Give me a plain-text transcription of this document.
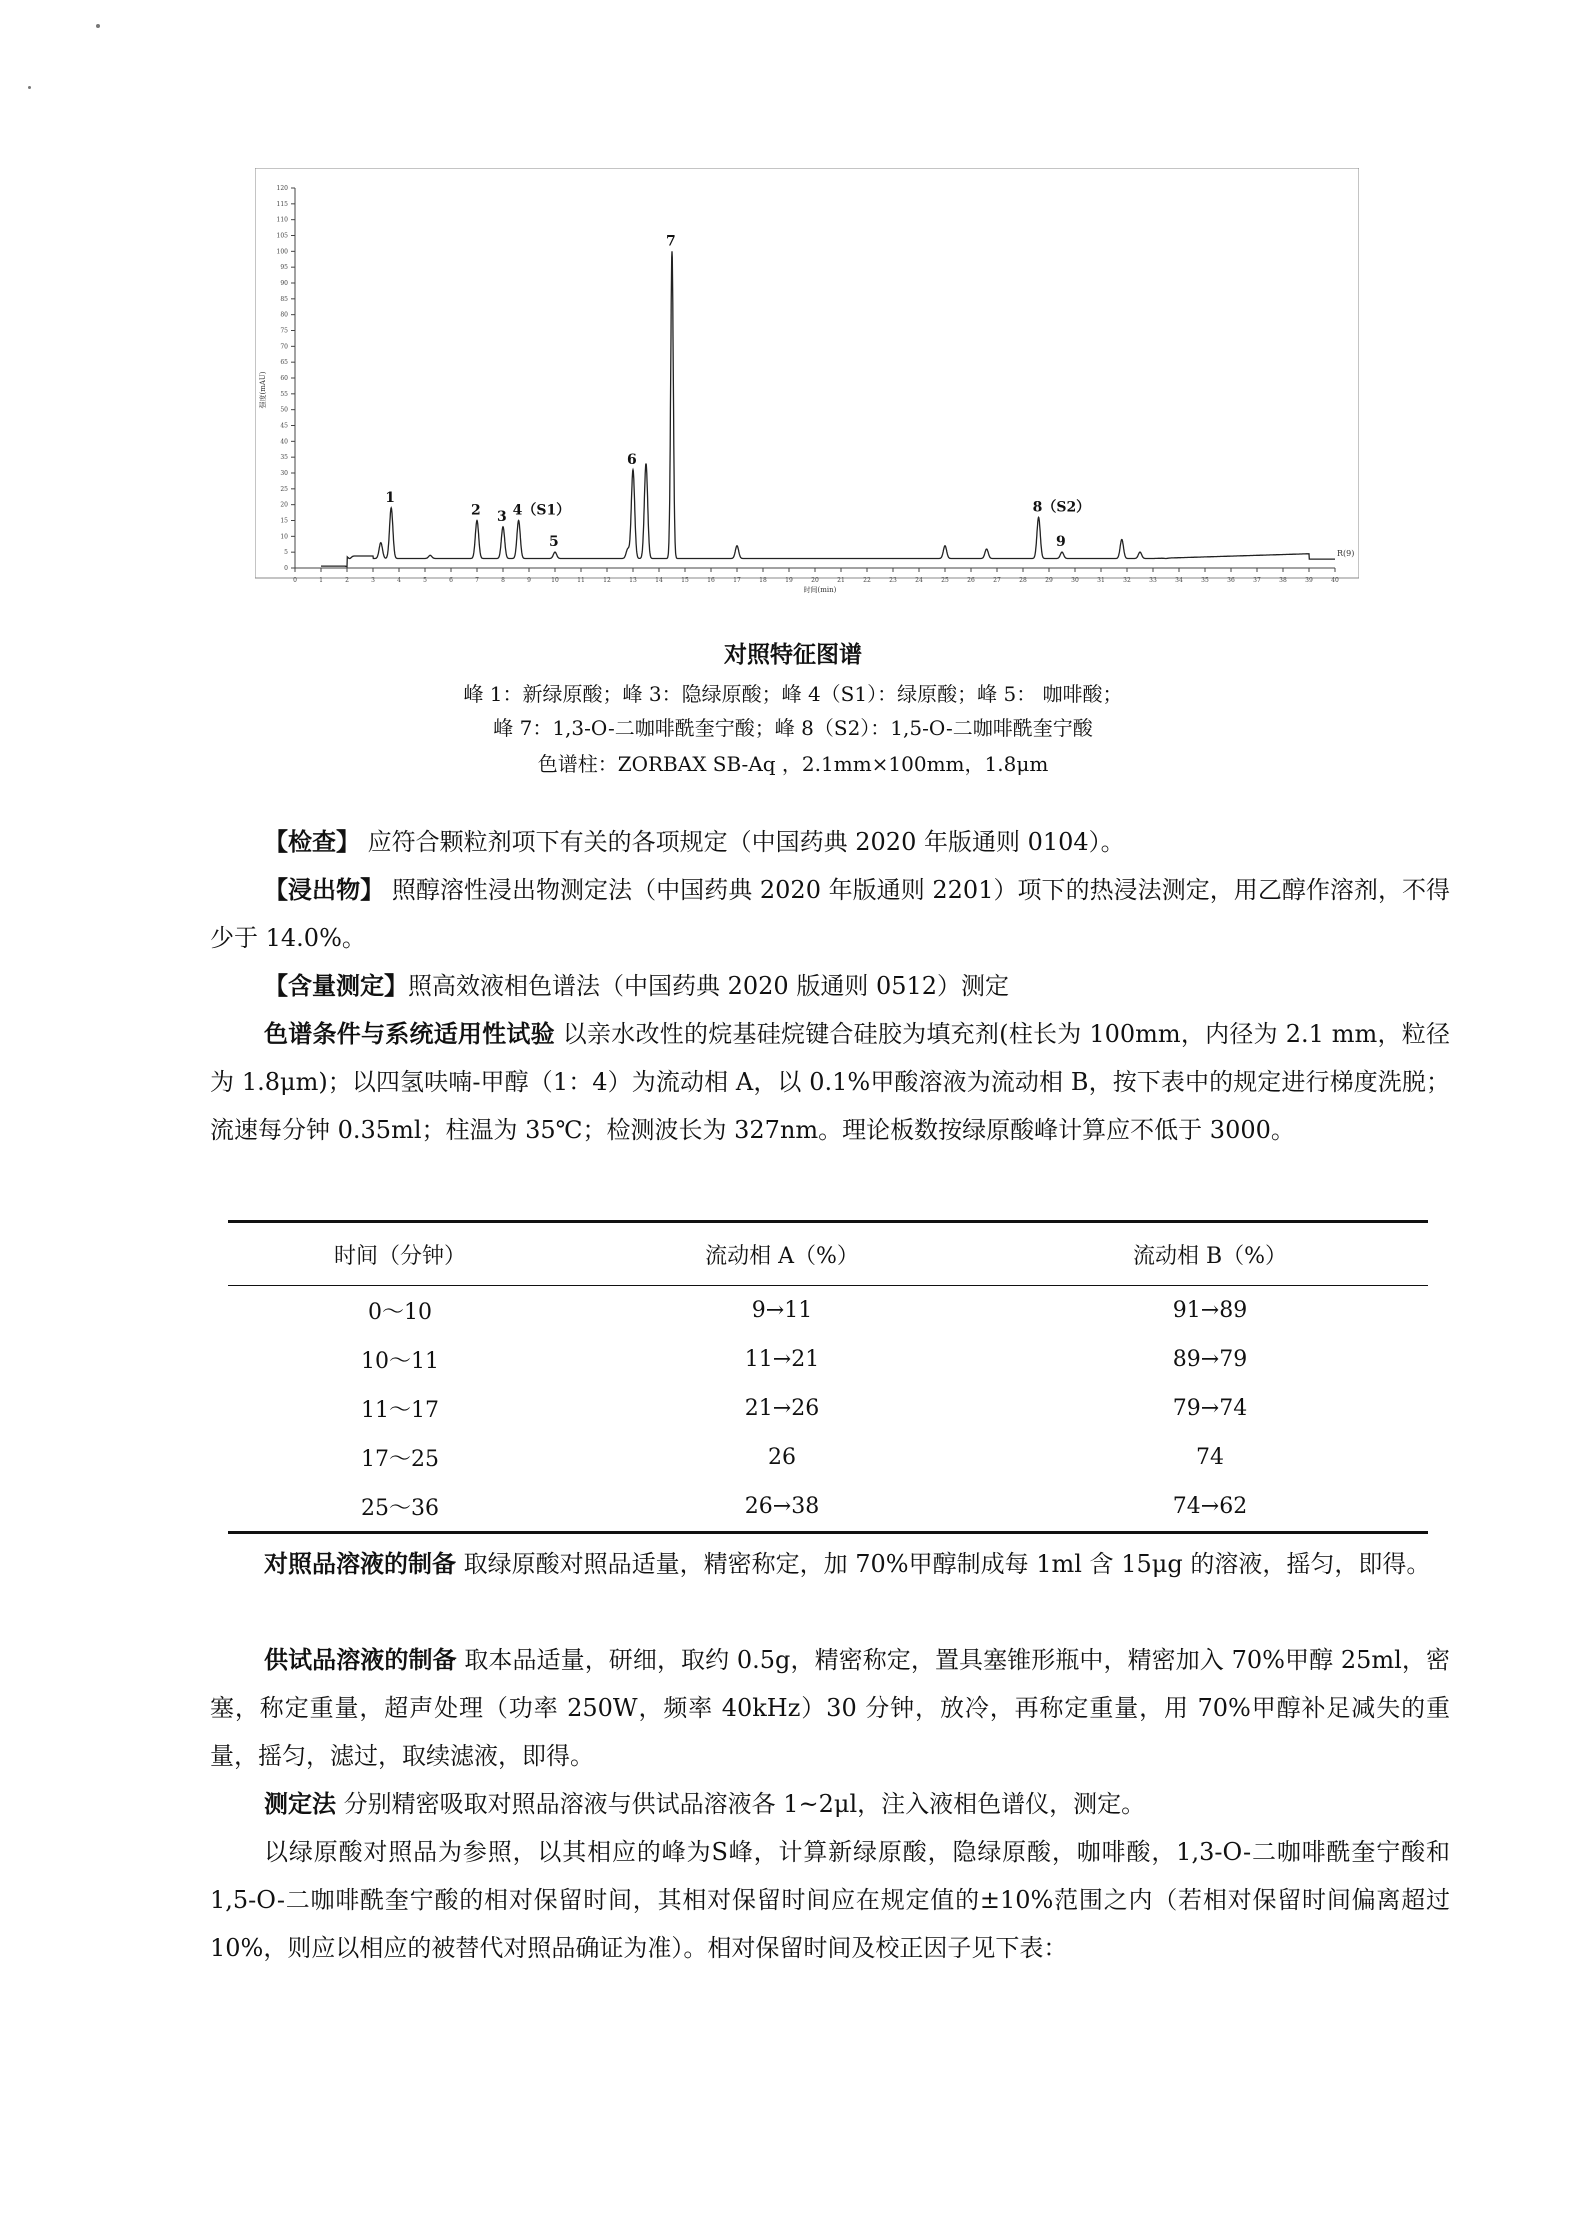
0	1	2	3	4	5	6	7	8	9	10	11	12	13	14	15	16	17	18	19	20	21	22	23	24	25	26	27	28	29	30	31	32	33	34	35	36	37	38	39	40
0
5
10
15
20
25
30
35
40
45
50
55
60
65
70
75
80
85
90
95
100
105
110
115
120
1
2 3 4（S1）
5
6
7
8（S2）
9
强度(mAU)
时间(min)
R(9)
对照特征图谱
峰 1：新绿原酸；峰 3：隐绿原酸；峰 4（S1）：绿原酸；峰 5： 咖啡酸；
峰 7：1,3-O-二咖啡酰奎宁酸；峰 8（S2）：1,5-O-二咖啡酰奎宁酸
色谱柱：ZORBAX SB-Aq ，2.1mm×100mm，1.8μm
【检查】 应符合颗粒剂项下有关的各项规定（中国药典 2020 年版通则 0104）。
【浸出物】 照醇溶性浸出物测定法（中国药典 2020 年版通则 2201）项下的热浸法测定，用乙醇作溶剂，不得少于 14.0%。
【含量测定】照高效液相色谱法（中国药典 2020 版通则 0512）测定
色谱条件与系统适用性试验 以亲水改性的烷基硅烷键合硅胶为填充剂(柱长为 100mm，内径为 2.1 mm，粒径为 1.8μm)；以四氢呋喃-甲醇（1：4）为流动相 A，以 0.1%甲酸溶液为流动相 B，按下表中的规定进行梯度洗脱；流速每分钟 0.35ml；柱温为 35℃；检测波长为 327nm。理论板数按绿原酸峰计算应不低于 3000。
时间（分钟）	流动相 A（%）	流动相 B（%）
0～10	9→11	91→89
10～11	11→21	89→79
11～17	21→26	79→74
17～25	26	74
25～36	26→38	74→62
对照品溶液的制备 取绿原酸对照品适量，精密称定，加 70%甲醇制成每 1ml 含 15μg 的溶液，摇匀，即得。
供试品溶液的制备 取本品适量，研细，取约 0.5g，精密称定，置具塞锥形瓶中，精密加入 70%甲醇 25ml，密塞，称定重量，超声处理（功率 250W，频率 40kHz）30 分钟，放冷，再称定重量，用 70%甲醇补足减失的重量，摇匀，滤过，取续滤液，即得。
测定法 分别精密吸取对照品溶液与供试品溶液各 1~2μl，注入液相色谱仪，测定。
以绿原酸对照品为参照，以其相应的峰为S峰，计算新绿原酸，隐绿原酸，咖啡酸，1,3-O-二咖啡酰奎宁酸和 1,5-O-二咖啡酰奎宁酸的相对保留时间，其相对保留时间应在规定值的±10%范围之内（若相对保留时间偏离超过 10%，则应以相应的被替代对照品确证为准）。相对保留时间及校正因子见下表：
